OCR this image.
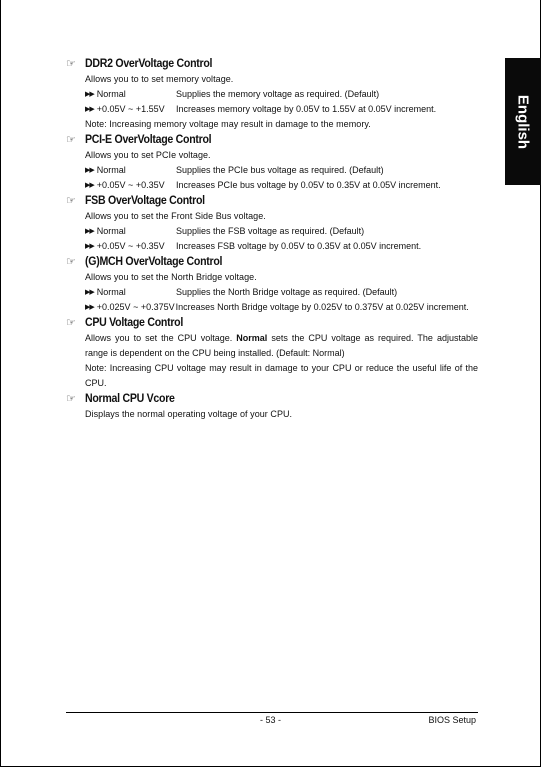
English
☞ DDR2 OverVoltage Control
Allows you to to set memory voltage.
▶▶ Normal	Supplies the memory voltage as required. (Default)
▶▶ +0.05V ~ +1.55V Increases memory voltage by 0.05V to 1.55V at 0.05V increment.
Note: Increasing memory voltage may result in damage to the memory.
☞ PCI-E OverVoltage Control
Allows you to set PCIe voltage.
▶▶ Normal	Supplies the PCIe bus voltage as required. (Default)
▶▶ +0.05V ~ +0.35V Increases PCIe bus voltage by 0.05V to 0.35V at 0.05V increment.
☞ FSB OverVoltage Control
Allows you to set the Front Side Bus voltage.
▶▶ Normal	Supplies the FSB voltage as required. (Default)
▶▶ +0.05V ~ +0.35V Increases FSB voltage by 0.05V to 0.35V at 0.05V increment.
☞ (G)MCH OverVoltage Control
Allows you to set the North Bridge voltage.
▶▶ Normal	Supplies the North Bridge voltage as required. (Default)
▶▶ +0.025V ~ +0.375V Increases North Bridge voltage by 0.025V to 0.375V at 0.025V increment.
☞ CPU Voltage Control
Allows you to set the CPU voltage. Normal sets the CPU voltage as required. The adjustable range is dependent on the CPU being installed. (Default: Normal)
Note: Increasing CPU voltage may result in damage to your CPU or reduce the useful life of the CPU.
☞ Normal CPU Vcore
Displays the normal operating voltage of your CPU.
- 53 -	BIOS Setup
